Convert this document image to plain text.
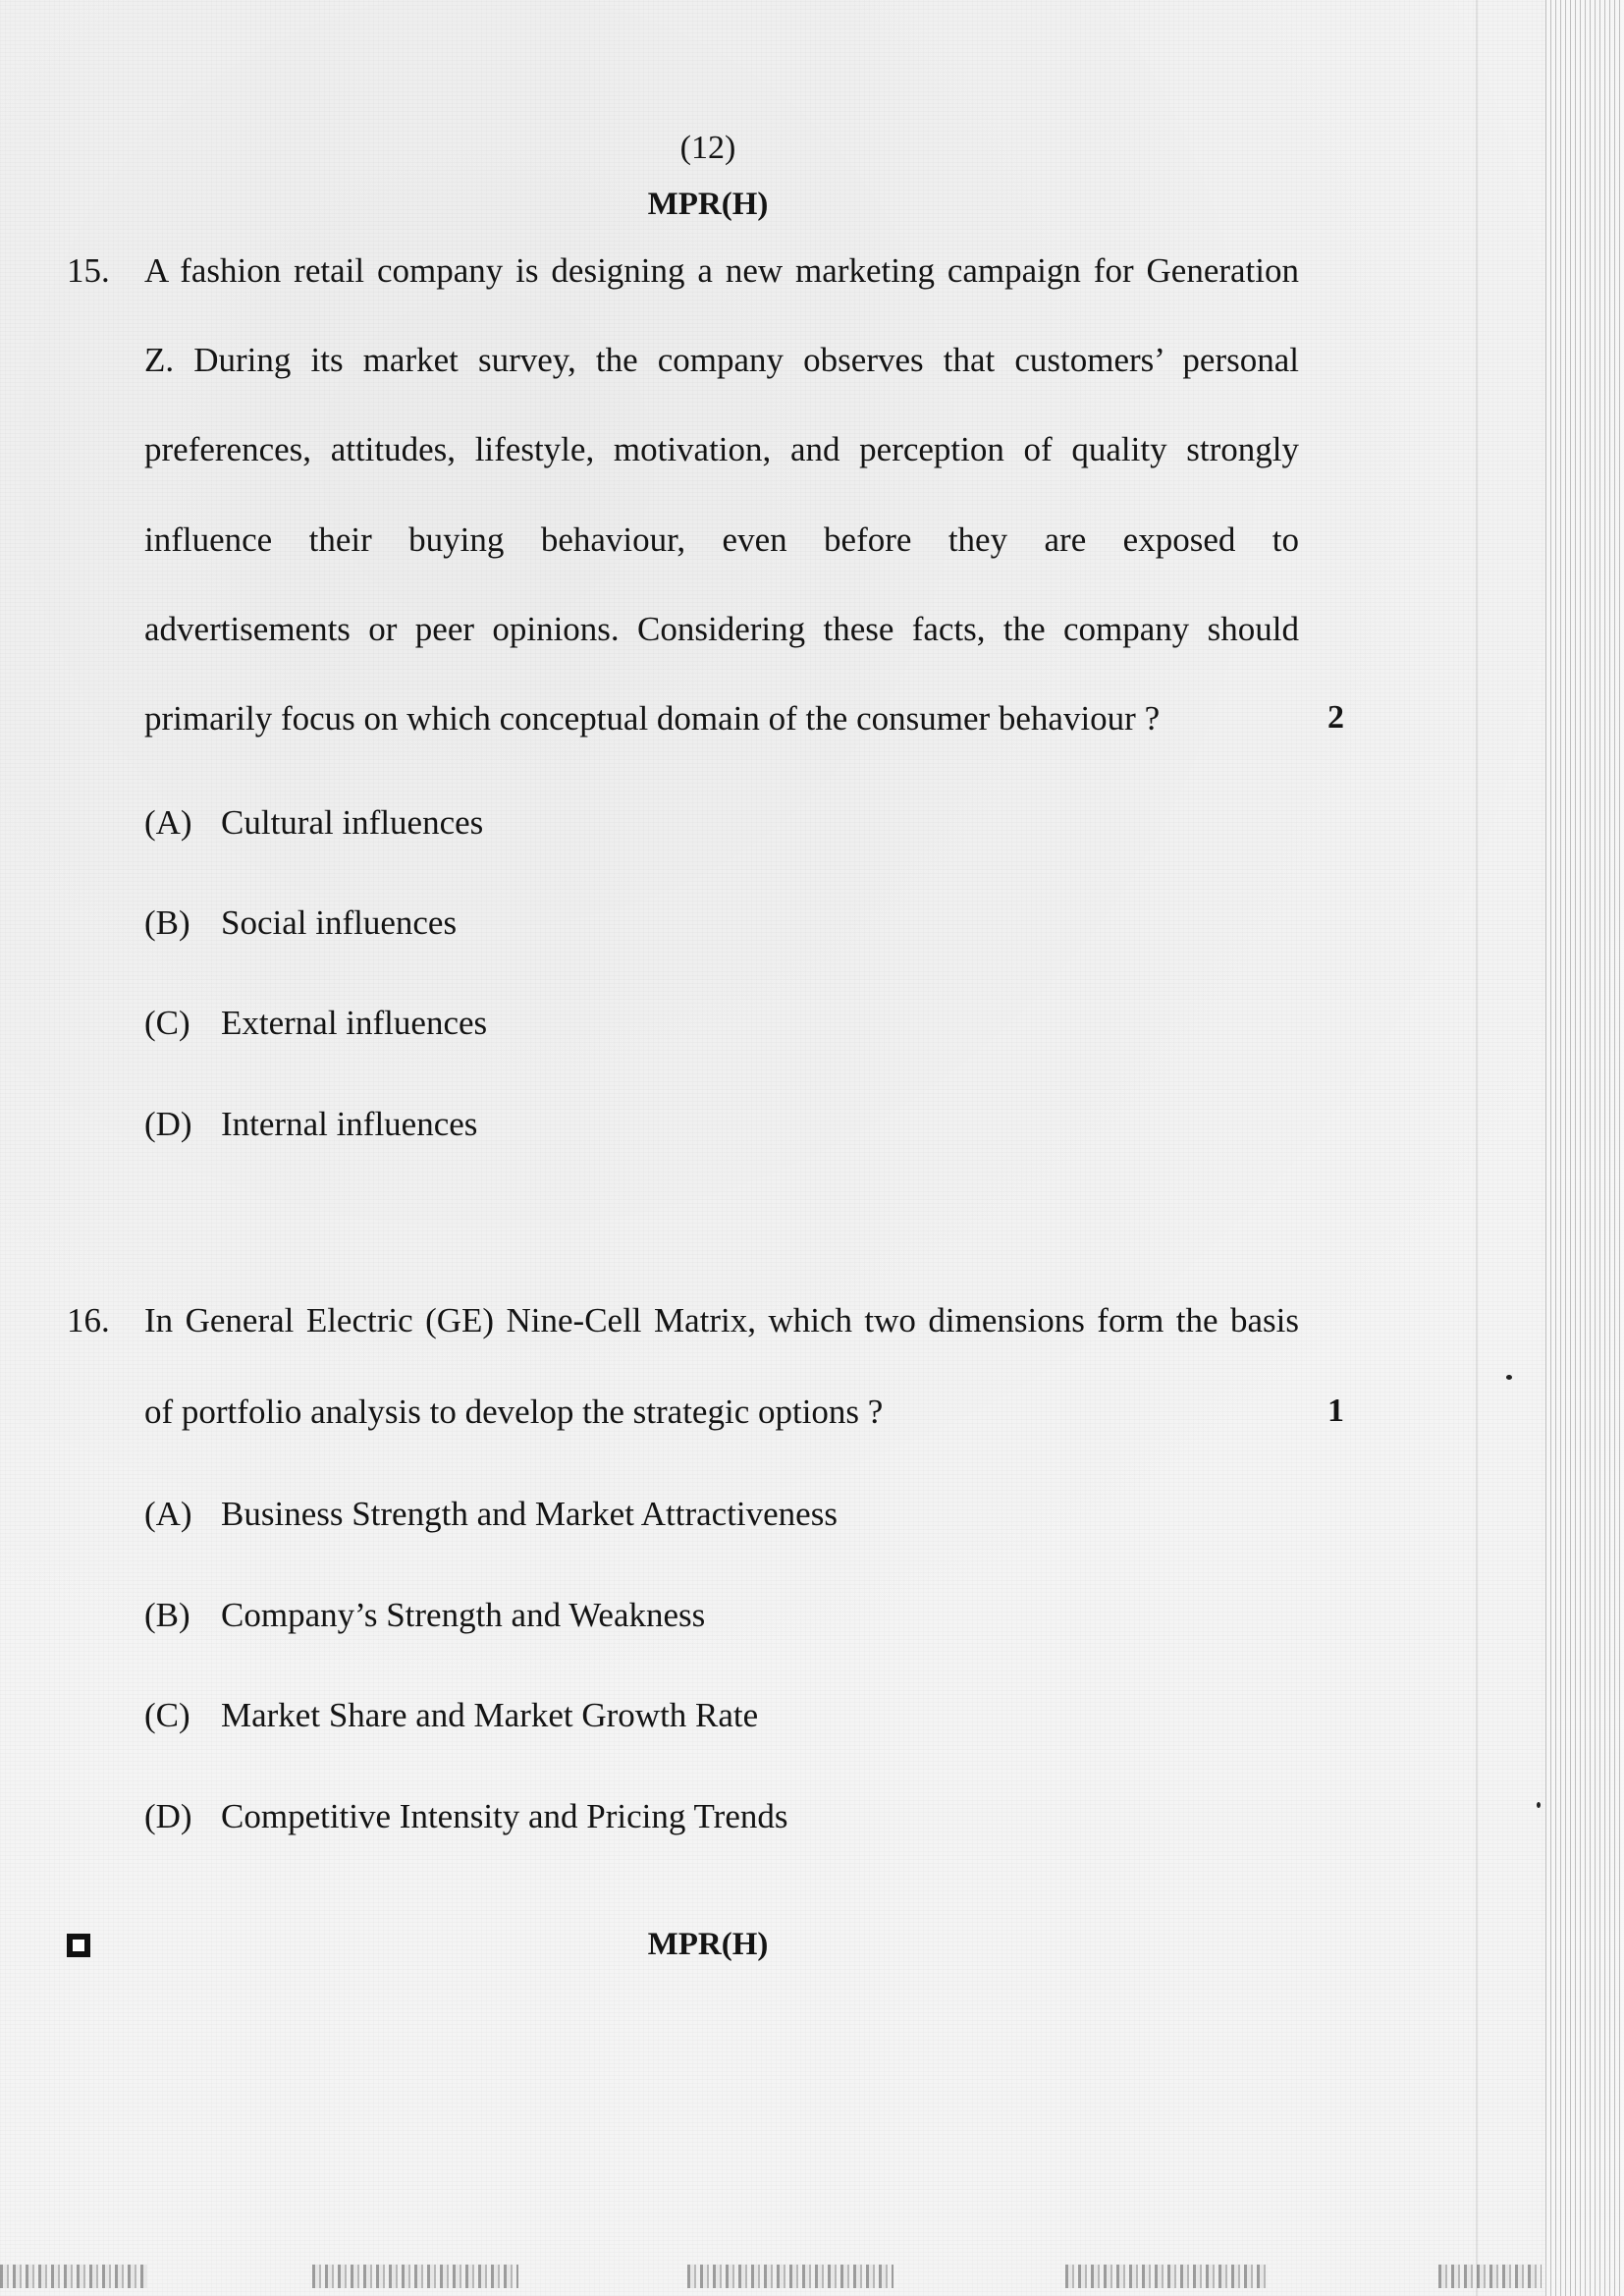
(12)
MPR(H)
15. A fashion retail company is designing a new marketing campaign for Generation
Z. During its market survey, the company observes that customers’ personal
preferences, attitudes, lifestyle, motivation, and perception of quality strongly
influence their buying behaviour, even before they are exposed to
advertisements or peer opinions. Considering these facts, the company should
primarily focus on which conceptual domain of the consumer behaviour ?	2
(A) Cultural influences
(B) Social influences
(C) External influences
(D) Internal influences
16. In General Electric (GE) Nine-Cell Matrix, which two dimensions form the basis
of portfolio analysis to develop the strategic options ?	1
(A) Business Strength and Market Attractiveness
(B) Company’s Strength and Weakness
(C) Market Share and Market Growth Rate
(D) Competitive Intensity and Pricing Trends
MPR(H)
